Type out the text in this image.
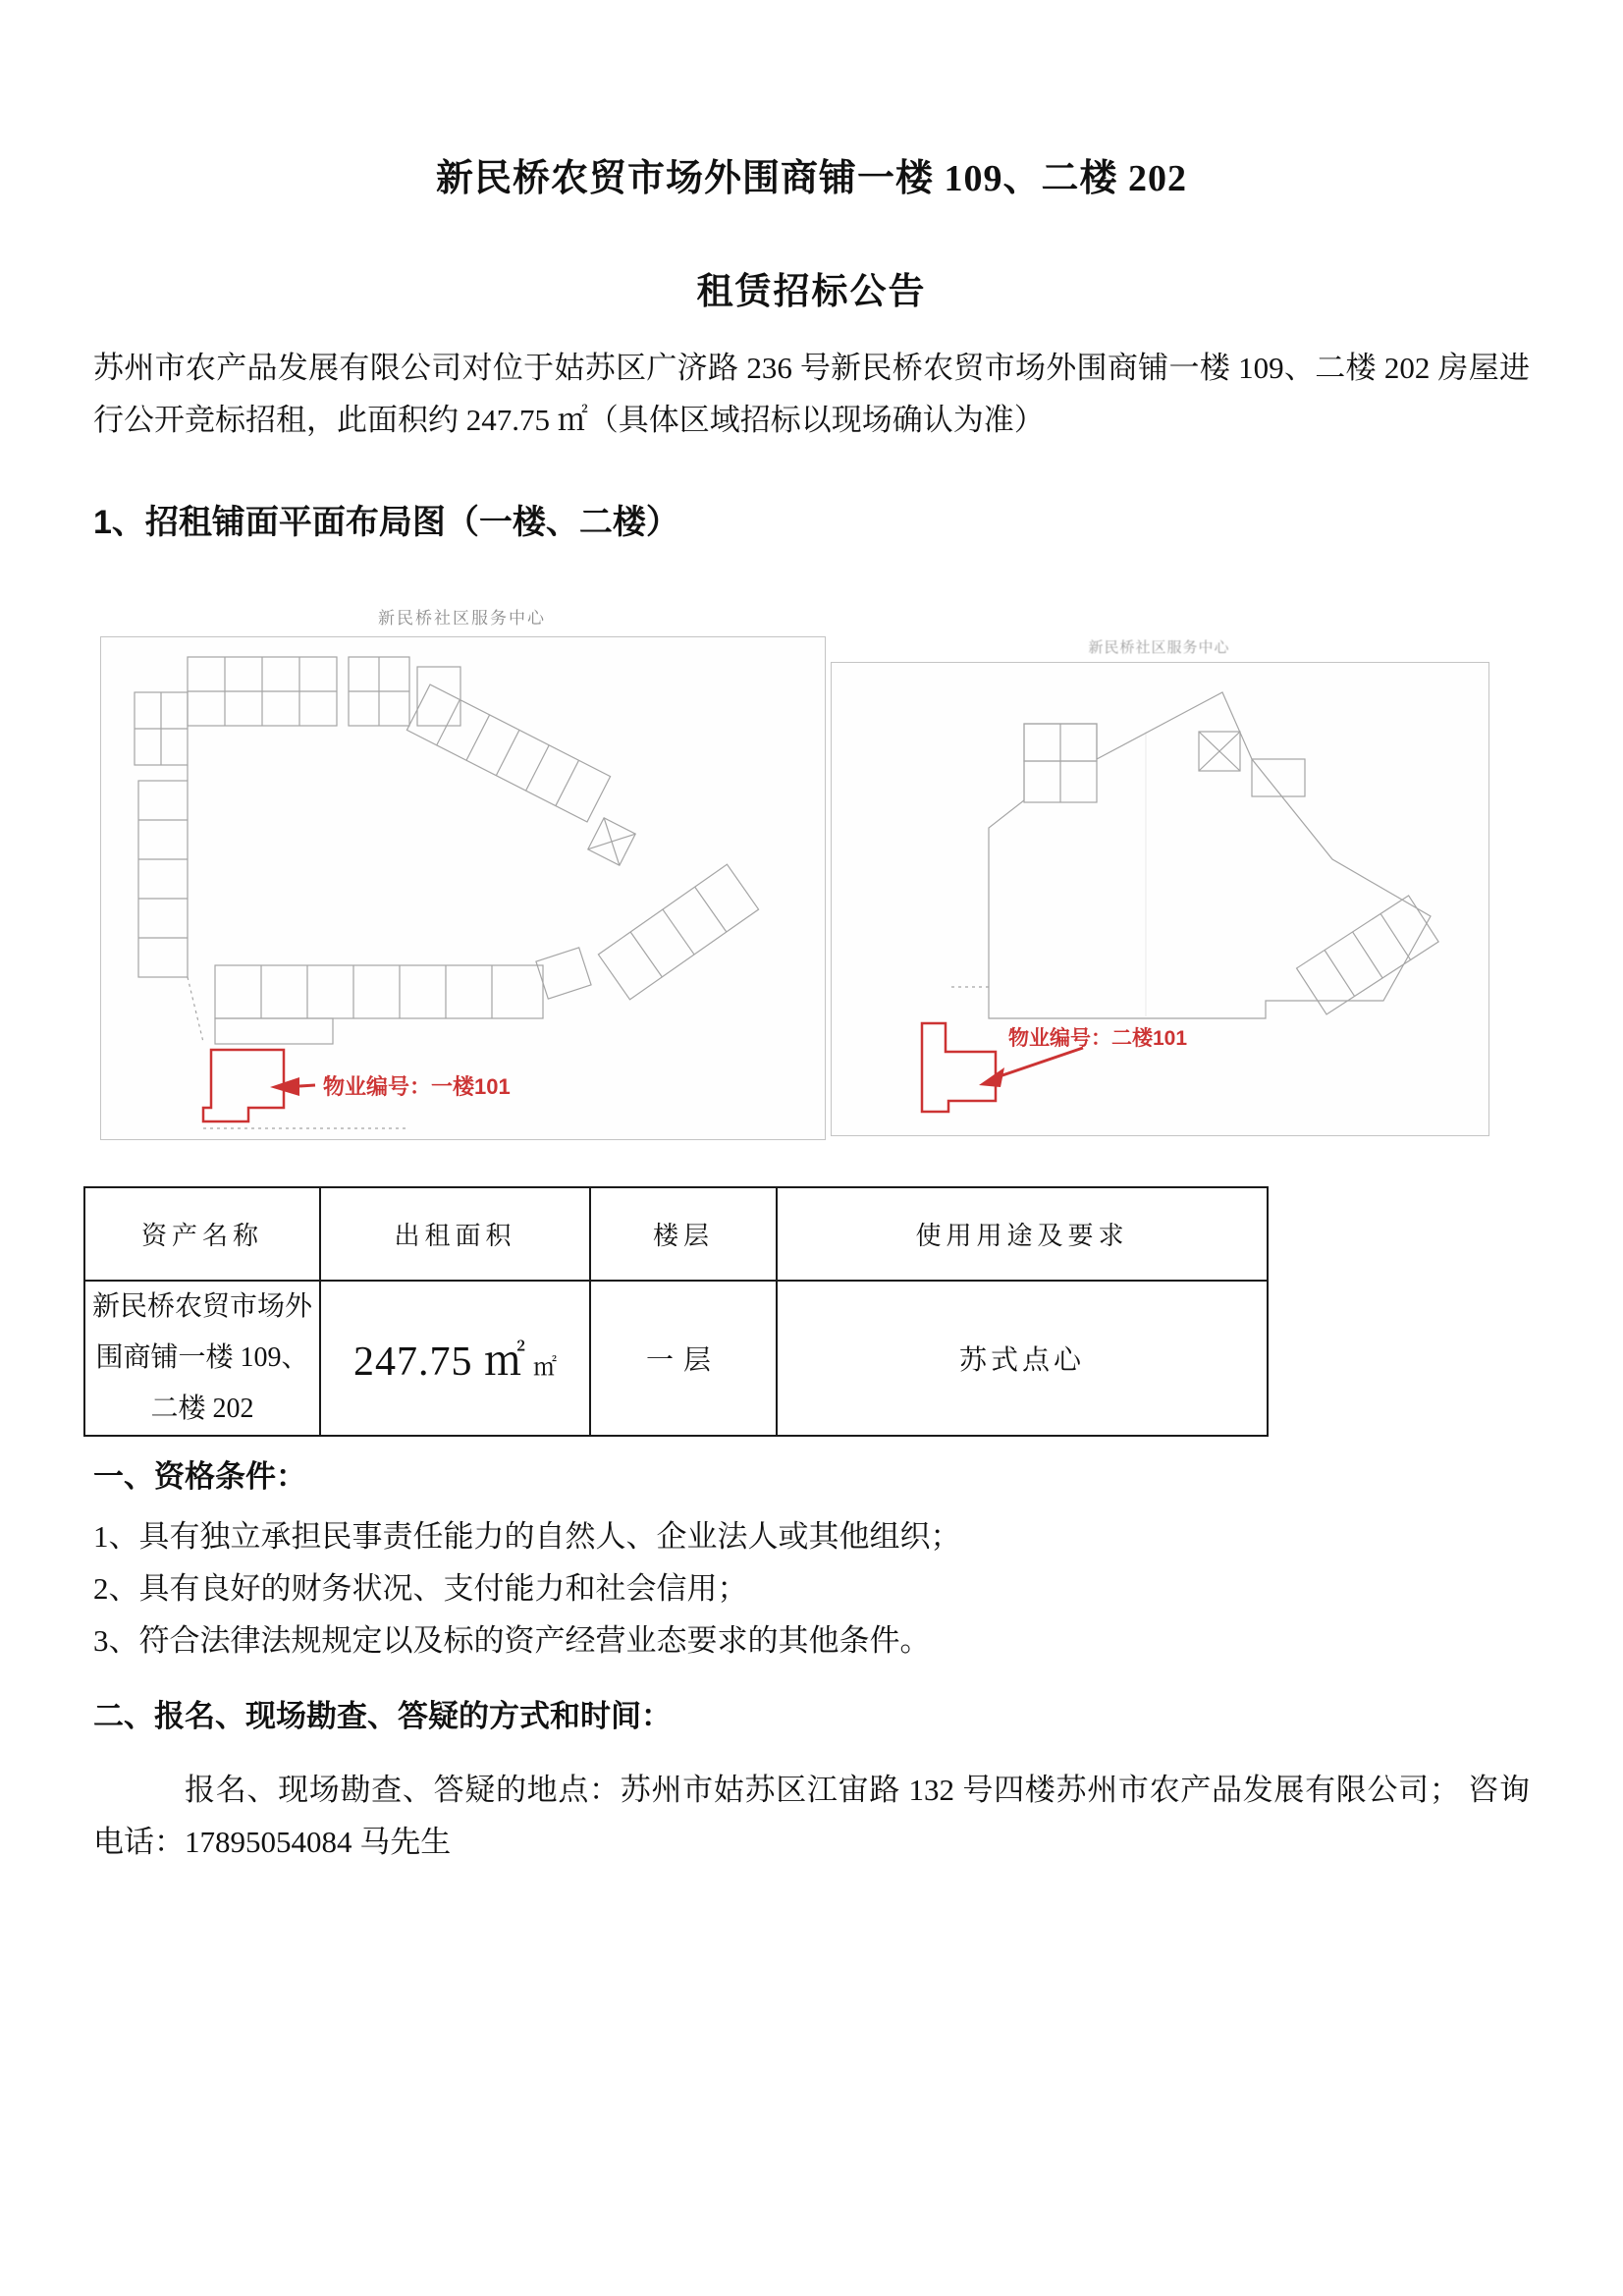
新民桥农贸市场外围商铺一楼 109、二楼 202
租赁招标公告

苏州市农产品发展有限公司对位于姑苏区广济路 236 号新民桥农贸市场外围商铺一楼 109、二楼 202 房屋进行公开竞标招租，此面积约 247.75 ㎡（具体区域招标以现场确认为准）

1、招租铺面平面布局图（一楼、二楼）
新民桥社区服务中心
新民桥社区服务中心
物业编号：一楼101
物业编号：二楼101
资产名称	出租面积	楼层	使用用途及要求
新民桥农贸市场外围商铺一楼 109、二楼 202	247.75 ㎡ ㎡	一层	苏式点心
一、资格条件：
1、具有独立承担民事责任能力的自然人、企业法人或其他组织；
2、具有良好的财务状况、支付能力和社会信用；
3、符合法律法规规定以及标的资产经营业态要求的其他条件。
二、报名、现场勘查、答疑的方式和时间：

报名、现场勘查、答疑的地点：苏州市姑苏区江宙路 132 号四楼苏州市农产品发展有限公司； 咨询电话：17895054084 马先生
